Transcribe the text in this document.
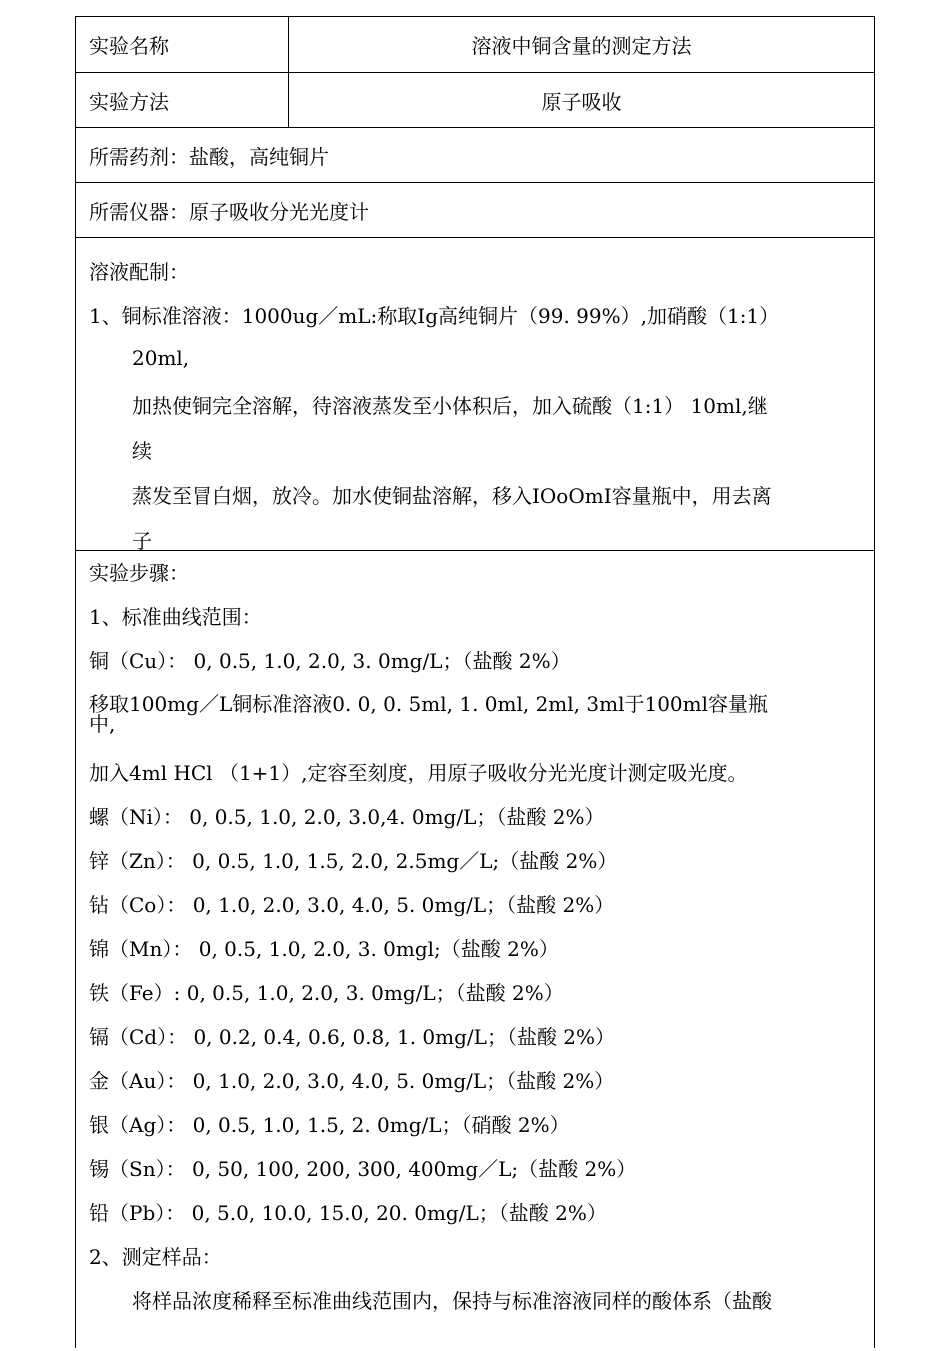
实验名称	溶液中铜含量的测定方法
实验方法	原子吸收
所需药剂：盐酸，高纯铜片
所需仪器：原子吸收分光光度计
溶液配制：
1、铜标准溶液：1000ug／mL:称取Ig高纯铜片（99. 99%）,加硝酸（1:1）
20ml,
加热使铜完全溶解，待溶液蒸发至小体积后，加入硫酸（1:1） 10ml,继
续
蒸发至冒白烟，放冷。加水使铜盐溶解，移入IOoOmI容量瓶中，用去离
子
实验步骤：
1、标准曲线范围：
铜（Cu）： 0, 0.5, 1.0, 2.0, 3. 0mg/L；（盐酸 2%）
移取100mg／L铜标准溶液0. 0, 0. 5ml, 1. 0ml, 2ml, 3ml于100ml容量瓶
中,
加入4ml HCl （1+1）,定容至刻度，用原子吸收分光光度计测定吸光度。
螺（Ni）： 0, 0.5, 1.0, 2.0, 3.0,4. 0mg/L；（盐酸 2%）
锌（Zn）： 0, 0.5, 1.0, 1.5, 2.0, 2.5mg／L;（盐酸 2%）
钻（Co）： 0, 1.0, 2.0, 3.0, 4.0, 5. 0mg/L；（盐酸 2%）
锦（Mn）： 0, 0.5, 1.0, 2.0, 3. 0mgl;（盐酸 2%）
铁（Fe）: 0, 0.5, 1.0, 2.0, 3. 0mg/L；（盐酸 2%）
镉（Cd）： 0, 0.2, 0.4, 0.6, 0.8, 1. 0mg/L；（盐酸 2%）
金（Au）： 0, 1.0, 2.0, 3.0, 4.0, 5. 0mg/L；（盐酸 2%）
银（Ag）： 0, 0.5, 1.0, 1.5, 2. 0mg/L；（硝酸 2%）
锡（Sn）： 0, 50, 100, 200, 300, 400mg／L;（盐酸 2%）
铅（Pb）： 0, 5.0, 10.0, 15.0, 20. 0mg/L；（盐酸 2%）
2、测定样品：
将样品浓度稀释至标准曲线范围内，保持与标准溶液同样的酸体系（盐酸
